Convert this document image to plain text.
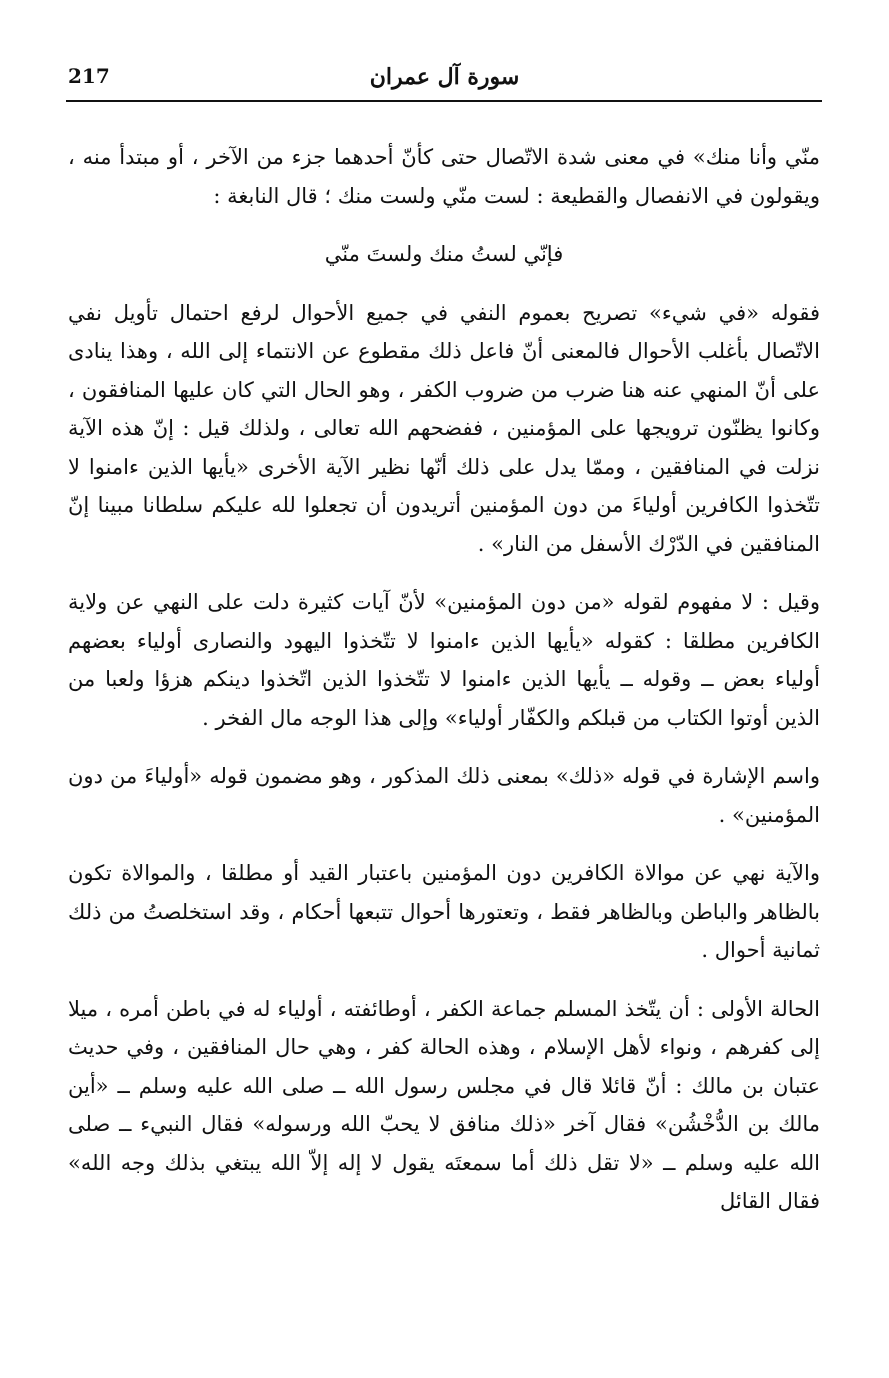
217	سورة آل عمران

منّي وأنا منك» في معنى شدة الاتّصال حتى كأنّ أحدهما جزء من الآخر ، أو مبتدأ منه ، ويقولون في الانفصال والقطيعة : لست منّي ولست منك ؛ قال النابغة :

فإنّي لستُ منك ولستَ منّي

فقوله «في شيء» تصريح بعموم النفي في جميع الأحوال لرفع احتمال تأويل نفي الاتّصال بأغلب الأحوال فالمعنى أنّ فاعل ذلك مقطوع عن الانتماء إلى الله ، وهذا ينادى على أنّ المنهي عنه هنا ضرب من ضروب الكفر ، وهو الحال التي كان عليها المنافقون ، وكانوا يظنّون ترويجها على المؤمنين ، ففضحهم الله تعالى ، ولذلك قيل : إنّ هذه الآية نزلت في المنافقين ، وممّا يدل على ذلك أنّها نظير الآية الأخرى «يأيها الذين ءامنوا لا تتّخذوا الكافرين أولياءَ من دون المؤمنين أتريدون أن تجعلوا لله عليكم سلطانا مبينا إنّ المنافقين في الدّرْك الأسفل من النار» .

وقيل : لا مفهوم لقوله «من دون المؤمنين» لأنّ آيات كثيرة دلت على النهي عن ولاية الكافرين مطلقا : كقوله «يأيها الذين ءامنوا لا تتّخذوا اليهود والنصارى أولياء بعضهم أولياء بعض ــ وقوله ــ يأيها الذين ءامنوا لا تتّخذوا الذين اتّخذوا دينكم هزؤا ولعبا من الذين أوتوا الكتاب من قبلكم والكفّار أولياء» وإلى هذا الوجه مال الفخر .

واسم الإشارة في قوله «ذلك» بمعنى ذلك المذكور ، وهو مضمون قوله «أولياءَ من دون المؤمنين» .

والآية نهي عن موالاة الكافرين دون المؤمنين باعتبار القيد أو مطلقا ، والموالاة تكون بالظاهر والباطن وبالظاهر فقط ، وتعتورها أحوال تتبعها أحكام ، وقد استخلصتُ من ذلك ثمانية أحوال .

الحالة الأولى : أن يتّخذ المسلم جماعة الكفر ، أوطائفته ، أولياء له في باطن أمره ، ميلا إلى كفرهم ، ونواء لأهل الإسلام ، وهذه الحالة كفر ، وهي حال المنافقين ، وفي حديث عتبان بن مالك : أنّ قائلا قال في مجلس رسول الله ــ صلى الله عليه وسلم ــ «أين مالك بن الدُّخْشُن» فقال آخر «ذلك منافق لا يحبّ الله ورسوله» فقال النبيء ــ صلى الله عليه وسلم ــ «لا تقل ذلك أما سمعتَه يقول لا إله إلاّ الله يبتغي بذلك وجه الله» فقال القائل
